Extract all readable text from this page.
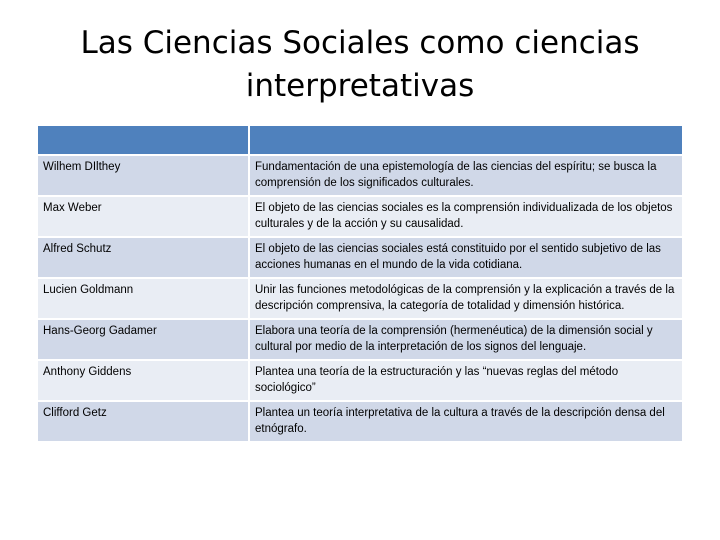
Las Ciencias Sociales como ciencias
interpretativas

Wilhem DIlthey	Fundamentación de una epistemología de las ciencias del espíritu; se busca la comprensión de los significados culturales.
Max Weber	El objeto de las ciencias sociales es la comprensión individualizada de los objetos culturales y de la acción y su causalidad.
Alfred Schutz	El objeto de las ciencias sociales está constituido por el sentido subjetivo de las acciones humanas en el mundo de la vida cotidiana.
Lucien Goldmann	Unir las funciones metodológicas de la comprensión y la explicación a través de la descripción comprensiva, la categoría de totalidad y dimensión histórica.
Hans-Georg Gadamer	Elabora una teoría de la comprensión (hermenéutica) de la dimensión social y cultural por medio de la interpretación de los signos del lenguaje.
Anthony Giddens	Plantea una teoría de la estructuración y las “nuevas reglas del método sociológico”
Clifford Getz	Plantea un teoría interpretativa de la cultura a través de la descripción densa del etnógrafo.
